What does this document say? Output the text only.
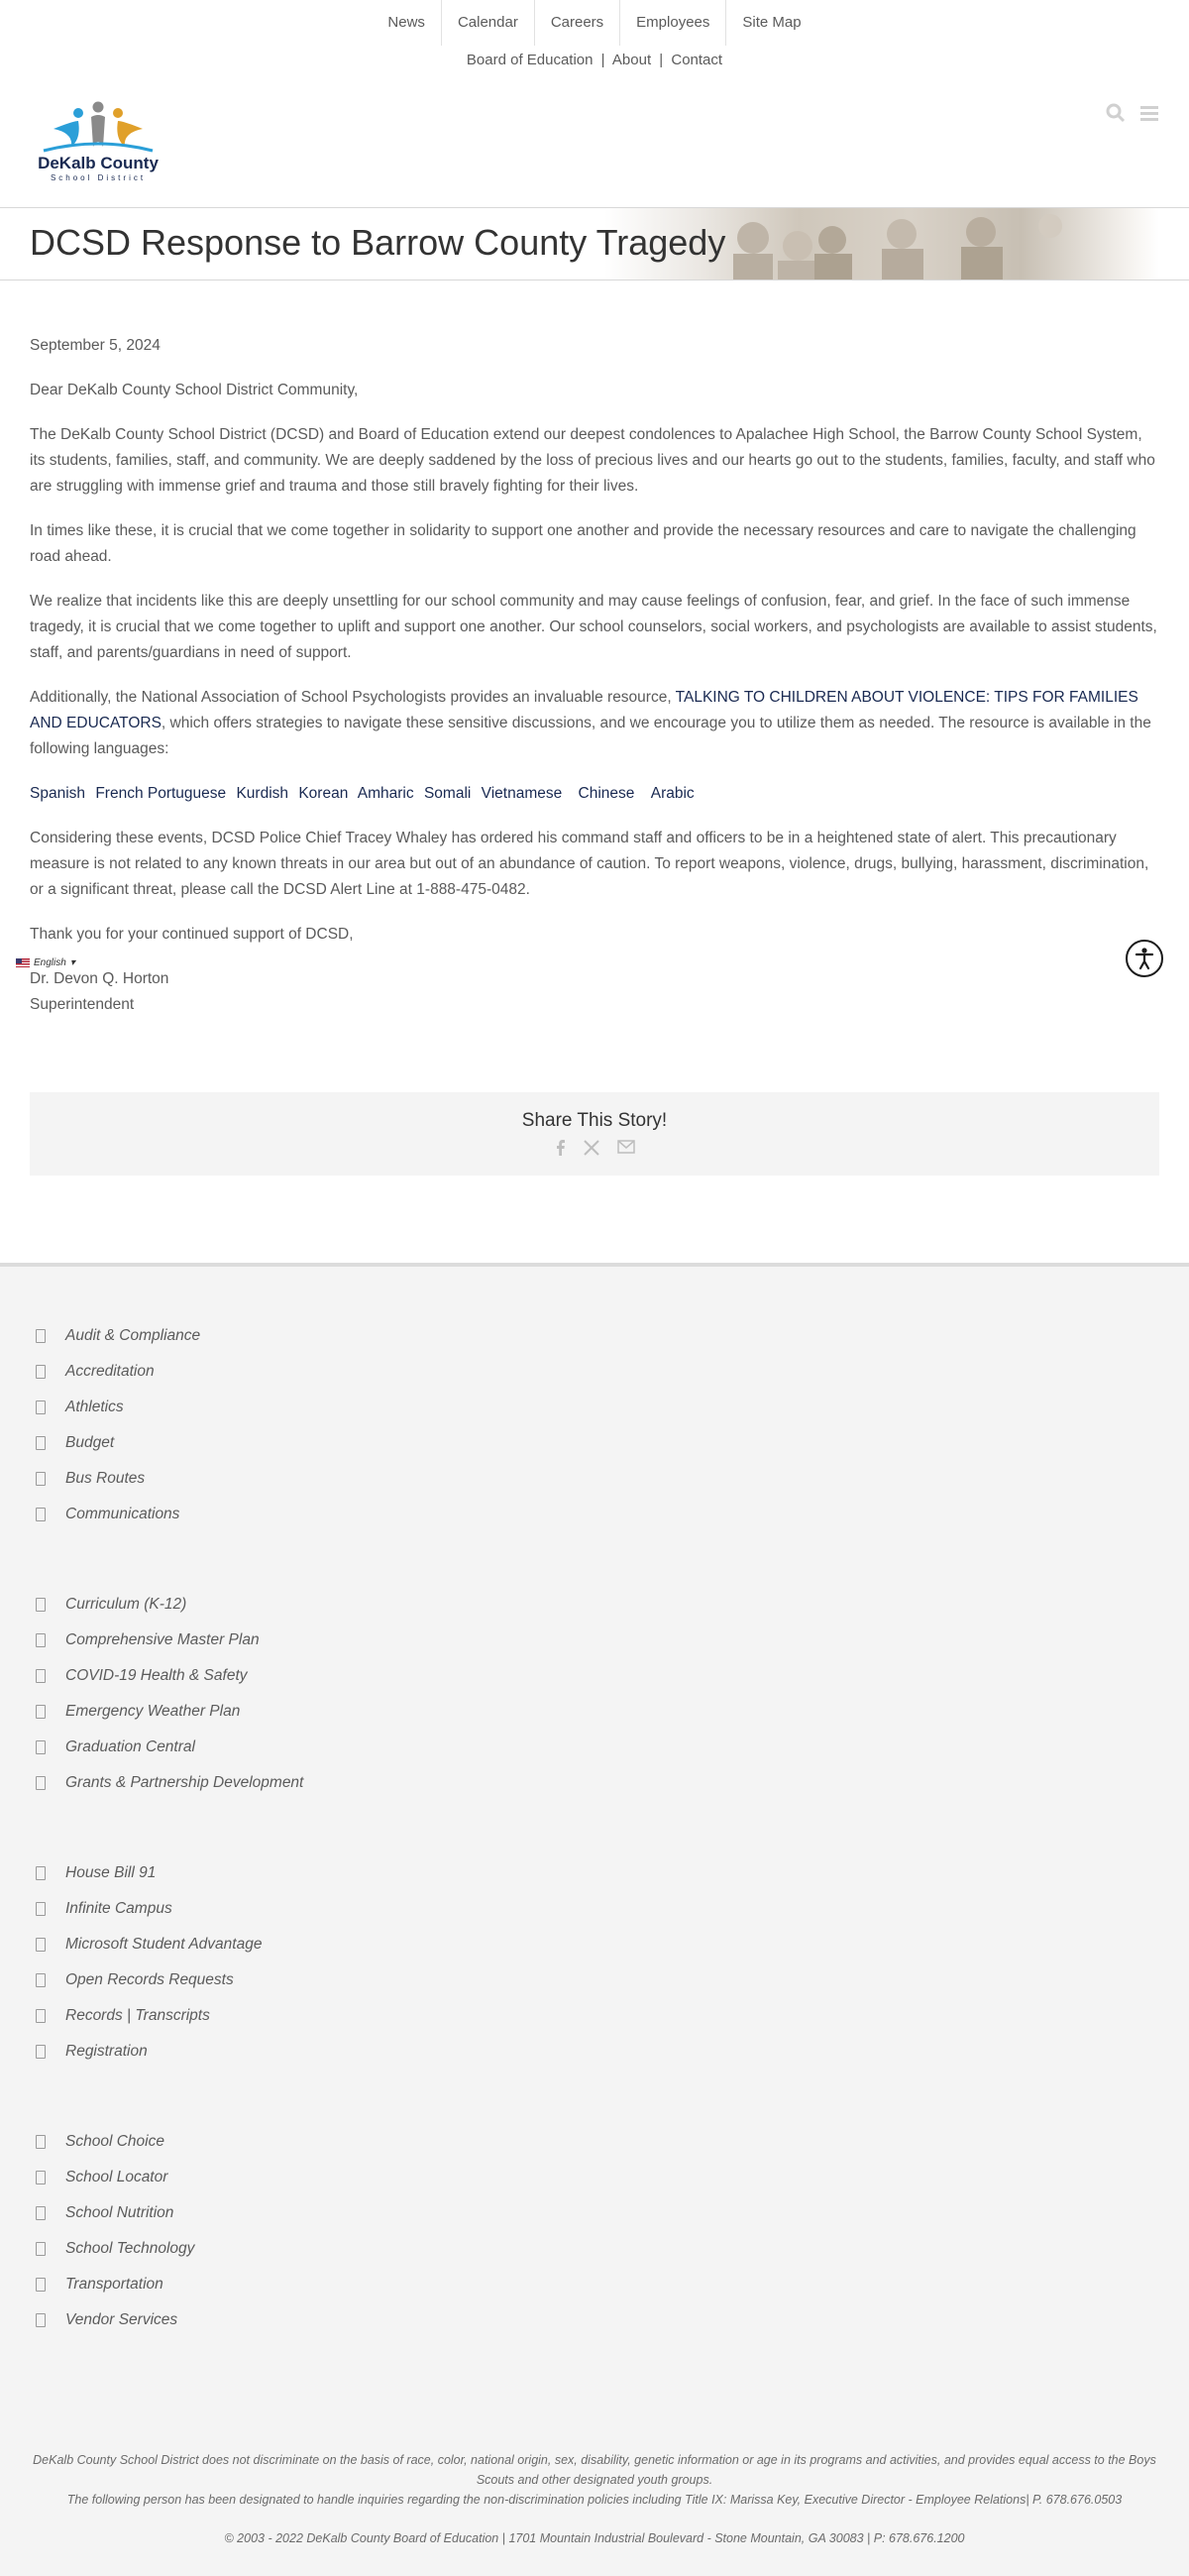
News	Calendar	Careers	Employees	Site Map
Board of Education | About | Contact
DeKalb County
School District
DCSD Response to Barrow County Tragedy

September 5, 2024

Dear DeKalb County School District Community,

The DeKalb County School District (DCSD) and Board of Education extend our deepest condolences to Apalachee High School, the Barrow County School System, its students, families, staff, and community. We are deeply saddened by the loss of precious lives and our hearts go out to the students, families, faculty, and staff who are struggling with immense grief and trauma and those still bravely fighting for their lives.

In times like these, it is crucial that we come together in solidarity to support one another and provide the necessary resources and care to navigate the challenging road ahead.

We realize that incidents like this are deeply unsettling for our school community and may cause feelings of confusion, fear, and grief. In the face of such immense tragedy, it is crucial that we come together to uplift and support one another. Our school counselors, social workers, and psychologists are available to assist students, staff, and parents/guardians in need of support.

Additionally, the National Association of School Psychologists provides an invaluable resource, TALKING TO CHILDREN ABOUT VIOLENCE: TIPS FOR FAMILIES AND EDUCATORS, which offers strategies to navigate these sensitive discussions, and we encourage you to utilize them as needed. The resource is available in the following languages:

Spanish French Portuguese Kurdish Korean Amharic Somali Vietnamese Chinese Arabic

Considering these events, DCSD Police Chief Tracey Whaley has ordered his command staff and officers to be in a heightened state of alert. This precautionary measure is not related to any known threats in our area but out of an abundance of caution. To report weapons, violence, drugs, bullying, harassment, discrimination, or a significant threat, please call the DCSD Alert Line at 1-888-475-0482.

Thank you for your continued support of DCSD,

Dr. Devon Q. Horton

Superintendent

English ▾
Share This Story!
Audit & Compliance
Accreditation
Athletics
Budget
Bus Routes
Communications
Curriculum (K-12)
Comprehensive Master Plan
COVID-19 Health & Safety
Emergency Weather Plan
Graduation Central
Grants & Partnership Development
House Bill 91
Infinite Campus
Microsoft Student Advantage
Open Records Requests
Records | Transcripts
Registration
School Choice
School Locator
School Nutrition
School Technology
Transportation
Vendor Services
DeKalb County School District does not discriminate on the basis of race, color, national origin, sex, disability, genetic information or age in its programs and activities, and provides equal access to the Boys Scouts and other designated youth groups.
The following person has been designated to handle inquiries regarding the non-discrimination policies including Title IX: Marissa Key, Executive Director - Employee Relations| P. 678.676.0503
© 2003 - 2022 DeKalb County Board of Education | 1701 Mountain Industrial Boulevard - Stone Mountain, GA 30083 | P: 678.676.1200
